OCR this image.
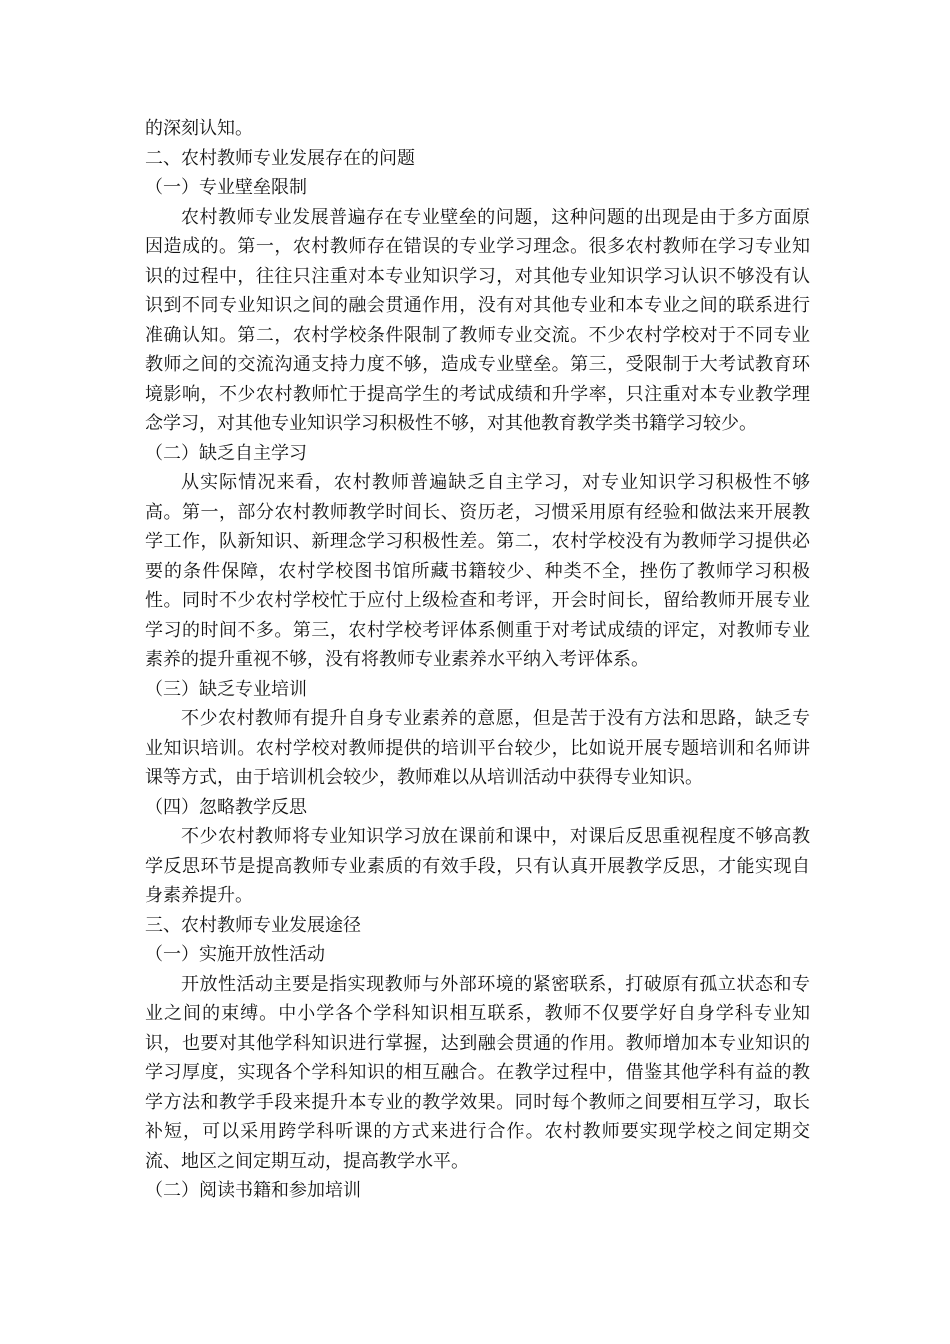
的深刻认知。

二、农村教师专业发展存在的问题

（一）专业壁垒限制

农村教师专业发展普遍存在专业壁垒的问题，这种问题的出现是由于多方面原因造成的。第一，农村教师存在错误的专业学习理念。很多农村教师在学习专业知识的过程中，往往只注重对本专业知识学习，对其他专业知识学习认识不够没有认识到不同专业知识之间的融会贯通作用，没有对其他专业和本专业之间的联系进行准确认知。第二，农村学校条件限制了教师专业交流。不少农村学校对于不同专业教师之间的交流沟通支持力度不够，造成专业壁垒。第三，受限制于大考试教育环境影响，不少农村教师忙于提高学生的考试成绩和升学率，只注重对本专业教学理念学习，对其他专业知识学习积极性不够，对其他教育教学类书籍学习较少。

（二）缺乏自主学习

从实际情况来看，农村教师普遍缺乏自主学习，对专业知识学习积极性不够高。第一，部分农村教师教学时间长、资历老，习惯采用原有经验和做法来开展教学工作，队新知识、新理念学习积极性差。第二，农村学校没有为教师学习提供必要的条件保障，农村学校图书馆所藏书籍较少、种类不全，挫伤了教师学习积极性。同时不少农村学校忙于应付上级检查和考评，开会时间长，留给教师开展专业学习的时间不多。第三，农村学校考评体系侧重于对考试成绩的评定，对教师专业素养的提升重视不够，没有将教师专业素养水平纳入考评体系。

（三）缺乏专业培训

不少农村教师有提升自身专业素养的意愿，但是苦于没有方法和思路，缺乏专业知识培训。农村学校对教师提供的培训平台较少，比如说开展专题培训和名师讲课等方式，由于培训机会较少，教师难以从培训活动中获得专业知识。

（四）忽略教学反思

不少农村教师将专业知识学习放在课前和课中，对课后反思重视程度不够高教学反思环节是提高教师专业素质的有效手段，只有认真开展教学反思，才能实现自身素养提升。

三、农村教师专业发展途径

（一）实施开放性活动

开放性活动主要是指实现教师与外部环境的紧密联系，打破原有孤立状态和专业之间的束缚。中小学各个学科知识相互联系，教师不仅要学好自身学科专业知识，也要对其他学科知识进行掌握，达到融会贯通的作用。教师增加本专业知识的学习厚度，实现各个学科知识的相互融合。在教学过程中，借鉴其他学科有益的教学方法和教学手段来提升本专业的教学效果。同时每个教师之间要相互学习，取长补短，可以采用跨学科听课的方式来进行合作。农村教师要实现学校之间定期交流、地区之间定期互动，提高教学水平。

（二）阅读书籍和参加培训
